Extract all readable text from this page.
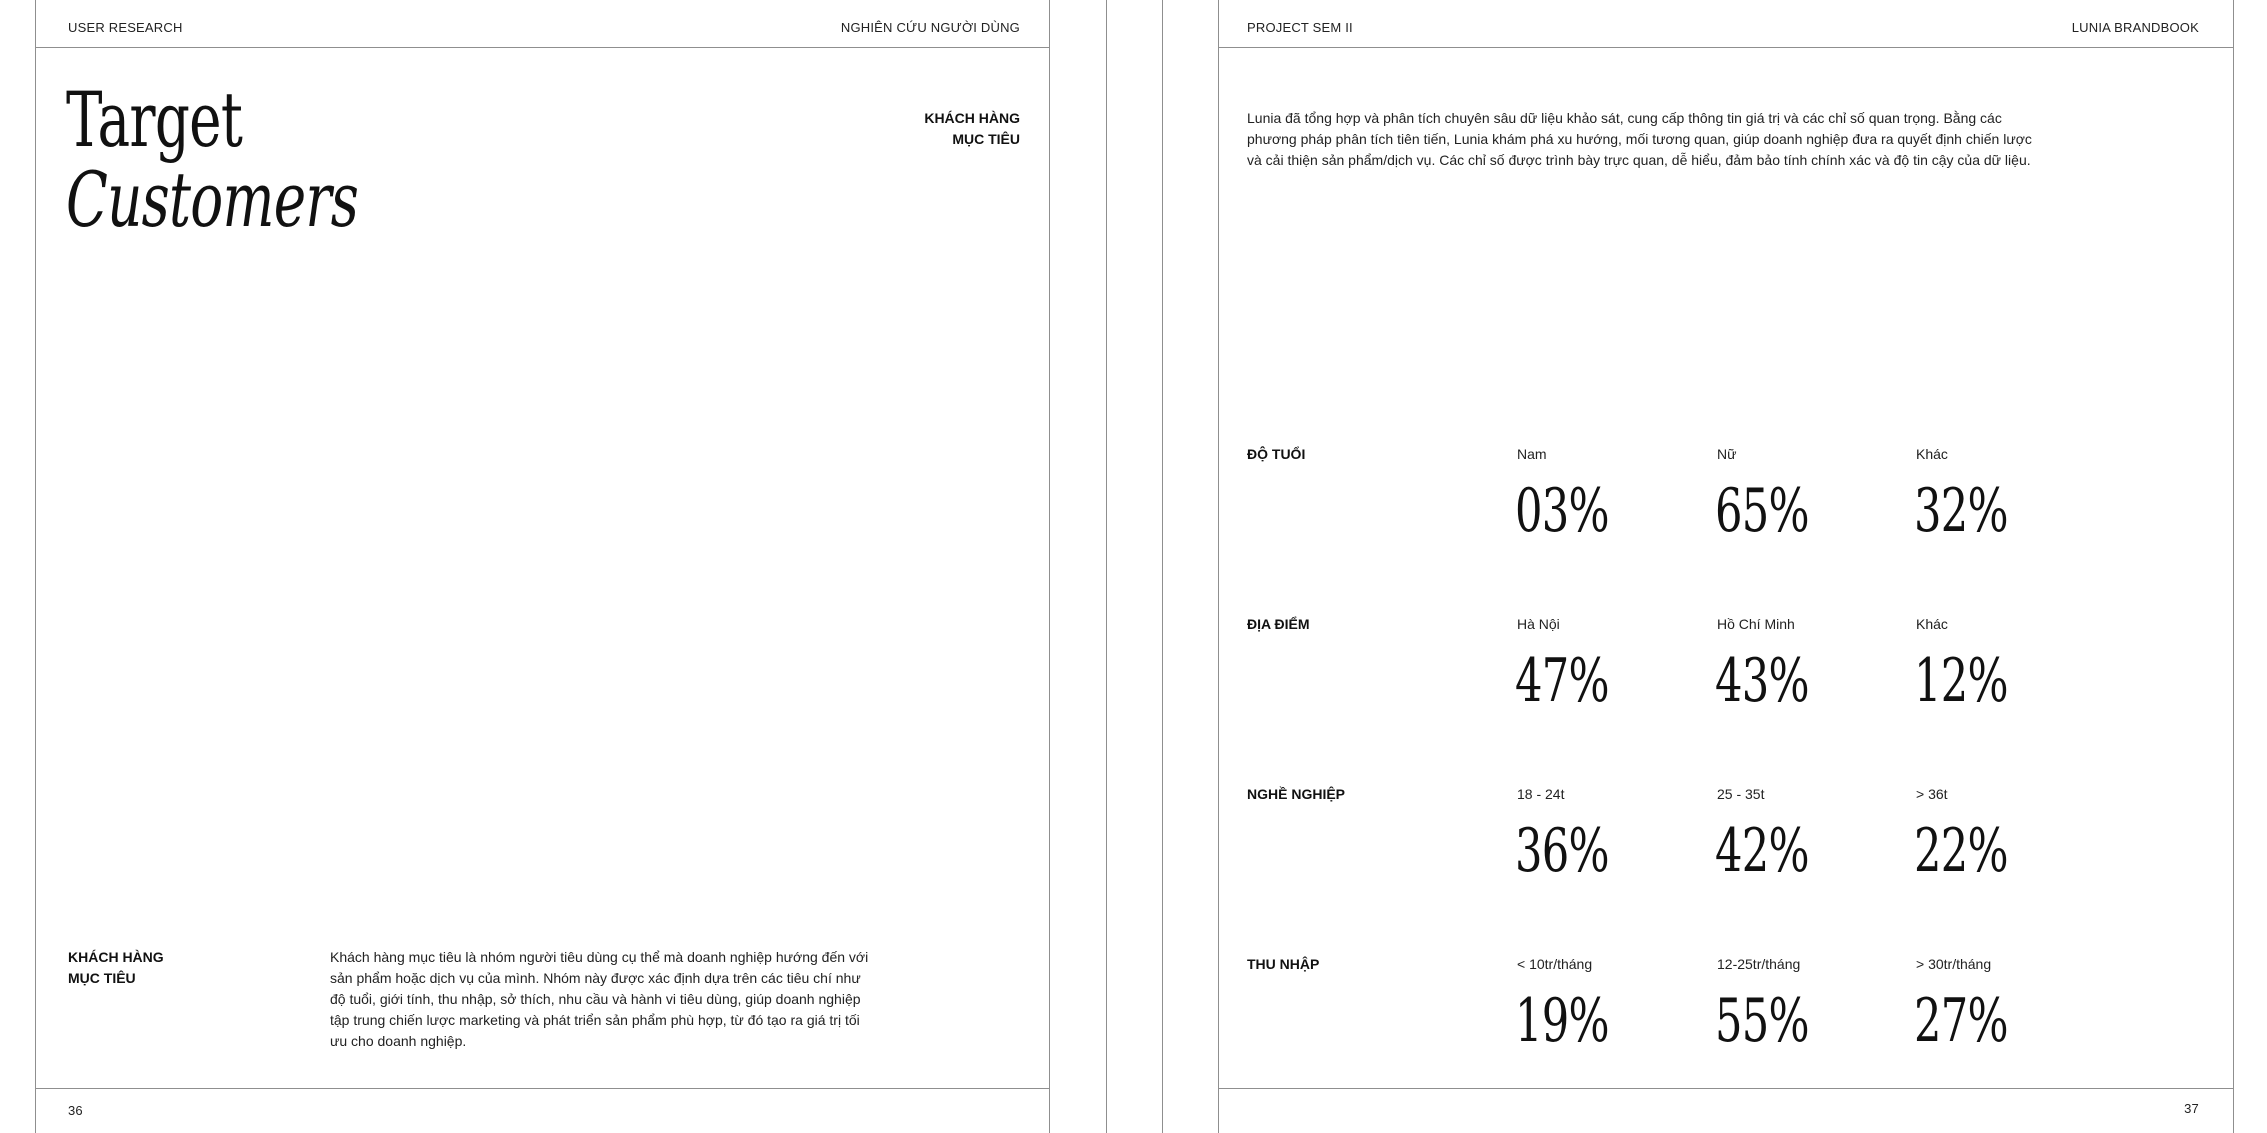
USER RESEARCH	NGHIÊN CỨU NGƯỜI DÙNG
Target
Customers
KHÁCH HÀNG
MỤC TIÊU
KHÁCH HÀNG
MỤC TIÊU
Khách hàng mục tiêu là nhóm người tiêu dùng cụ thể mà doanh nghiệp hướng đến với sản phẩm hoặc dịch vụ của mình. Nhóm này được xác định dựa trên các tiêu chí như độ tuổi, giới tính, thu nhập, sở thích, nhu cầu và hành vi tiêu dùng, giúp doanh nghiệp tập trung chiến lược marketing và phát triển sản phẩm phù hợp, từ đó tạo ra giá trị tối ưu cho doanh nghiệp.
36
PROJECT SEM II	LUNIA BRANDBOOK
Lunia đã tổng hợp và phân tích chuyên sâu dữ liệu khảo sát, cung cấp thông tin giá trị và các chỉ số quan trọng. Bằng các phương pháp phân tích tiên tiến, Lunia khám phá xu hướng, mối tương quan, giúp doanh nghiệp đưa ra quyết định chiến lược và cải thiện sản phẩm/dịch vụ. Các chỉ số được trình bày trực quan, dễ hiểu, đảm bảo tính chính xác và độ tin cậy của dữ liệu.
ĐỘ TUỔI	Nam	Nữ	Khác
03% 65% 32%
ĐỊA ĐIỂM	Hà Nội	Hồ Chí Minh	Khác
47% 43% 12%
NGHỀ NGHIỆP	18 - 24t	25 - 35t	> 36t
36% 42% 22%
THU NHẬP	< 10tr/tháng	12-25tr/tháng	> 30tr/tháng
19% 55% 27%
37
